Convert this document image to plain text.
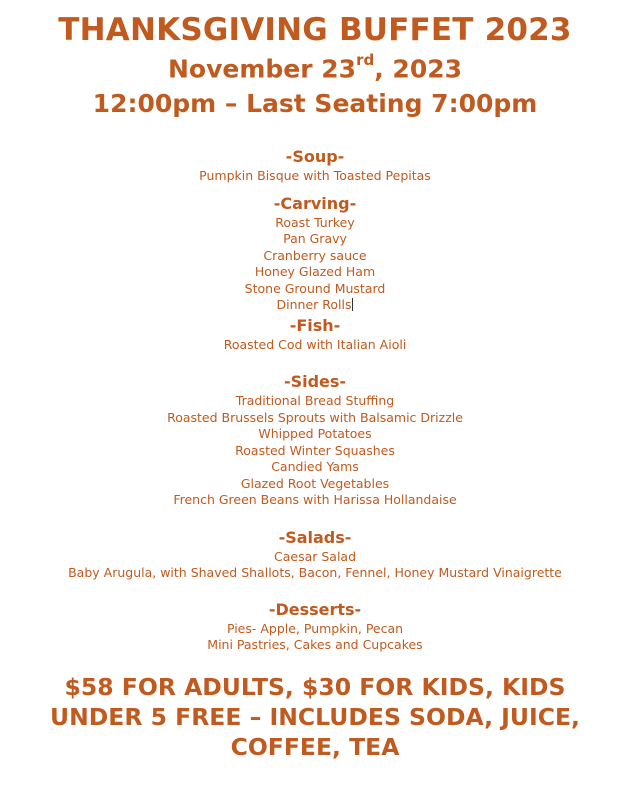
THANKSGIVING BUFFET 2023
November 23rd, 2023
12:00pm – Last Seating 7:00pm
-Soup-
Pumpkin Bisque with Toasted Pepitas
-Carving-
Roast Turkey
Pan Gravy
Cranberry sauce
Honey Glazed Ham
Stone Ground Mustard
Dinner Rolls
-Fish-
Roasted Cod with Italian Aioli
-Sides-
Traditional Bread Stuffing
Roasted Brussels Sprouts with Balsamic Drizzle
Whipped Potatoes
Roasted Winter Squashes
Candied Yams
Glazed Root Vegetables
French Green Beans with Harissa Hollandaise
-Salads-
Caesar Salad
Baby Arugula, with Shaved Shallots, Bacon, Fennel, Honey Mustard Vinaigrette
-Desserts-
Pies- Apple, Pumpkin, Pecan
Mini Pastries, Cakes and Cupcakes
$58 FOR ADULTS, $30 FOR KIDS, KIDS
UNDER 5 FREE – INCLUDES SODA, JUICE,
COFFEE, TEA
